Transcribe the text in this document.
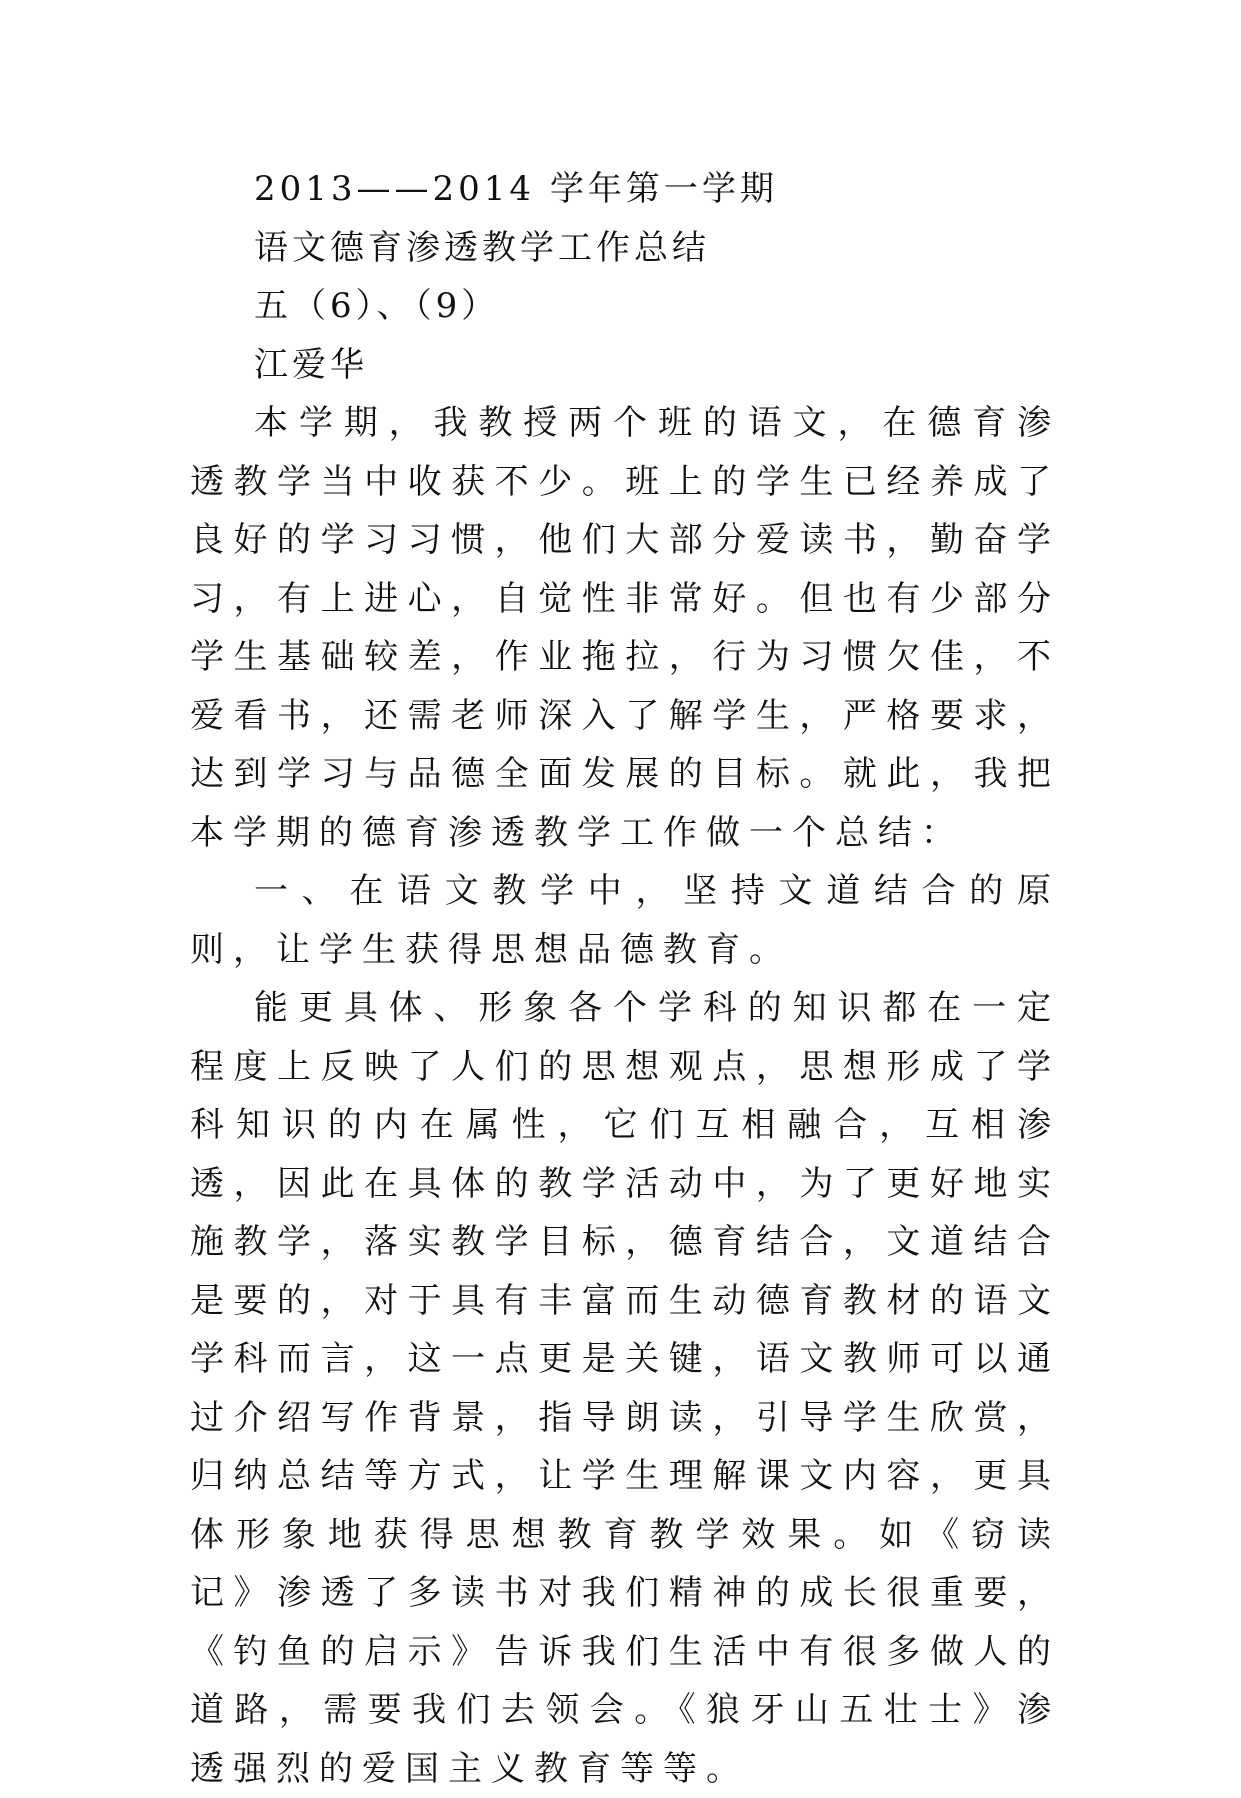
2013——2014 学年第一学期

语文德育渗透教学工作总结

五（6）、（9）

江爱华

本学期，我教授两个班的语文，在德育渗透教学当中收获不少。班上的学生已经养成了良好的学习习惯，他们大部分爱读书，勤奋学习，有上进心，自觉性非常好。但也有少部分学生基础较差，作业拖拉，行为习惯欠佳，不爱看书，还需老师深入了解学生，严格要求，达到学习与品德全面发展的目标。就此，我把本学期的德育渗透教学工作做一个总结：

一、在语文教学中，坚持文道结合的原则，让学生获得思想品德教育。

能更具体、形象各个学科的知识都在一定程度上反映了人们的思想观点，思想形成了学科知识的内在属性，它们互相融合，互相渗透，因此在具体的教学活动中，为了更好地实施教学，落实教学目标，德育结合，文道结合是要的，对于具有丰富而生动德育教材的语文学科而言，这一点更是关键，语文教师可以通过介绍写作背景，指导朗读，引导学生欣赏，归纳总结等方式，让学生理解课文内容，更具体形象地获得思想教育教学效果。如《窃读记》渗透了多读书对我们精神的成长很重要，《钓鱼的启示》告诉我们生活中有很多做人的道路，需要我们去领会。《狼牙山五壮士》渗透强烈的爱国主义教育等等。
